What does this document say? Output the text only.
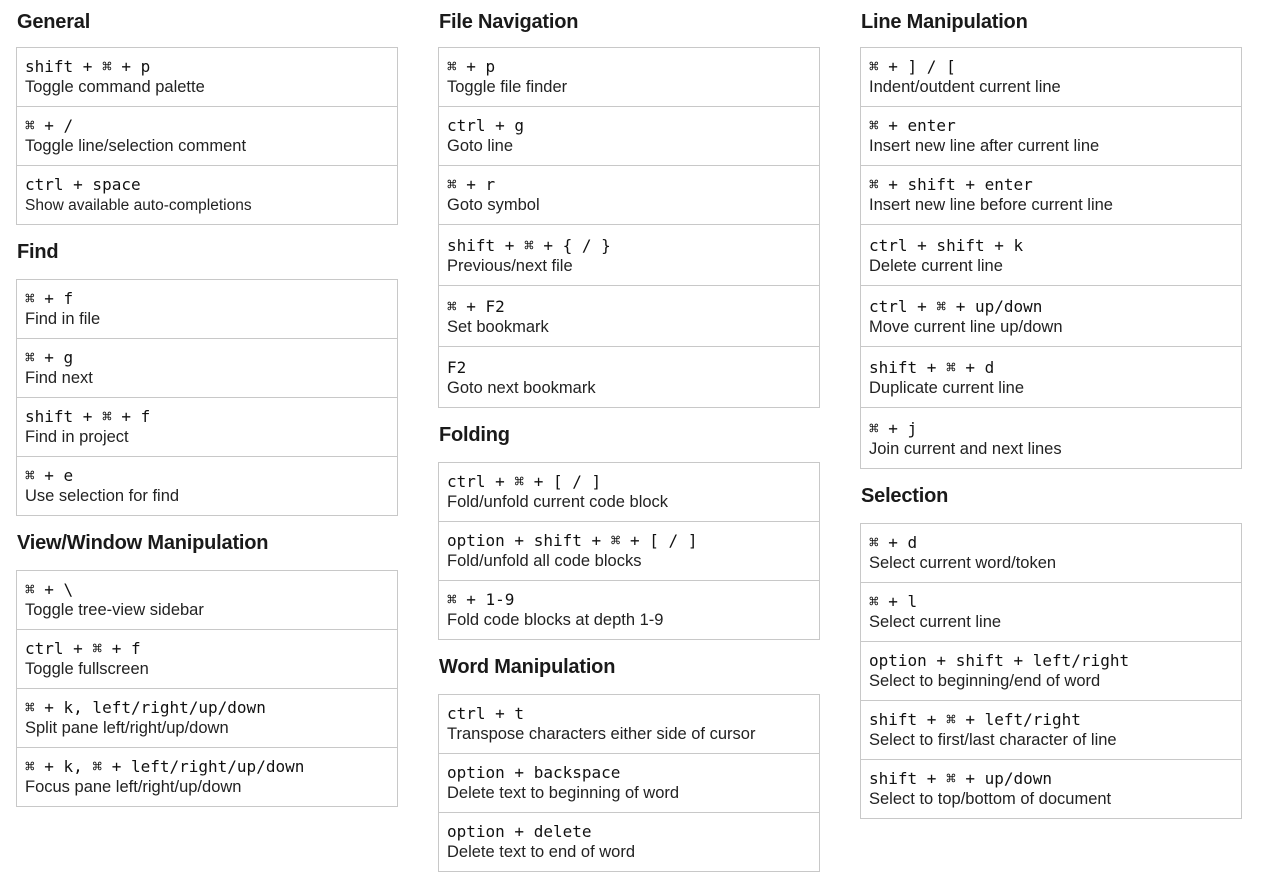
General
shift + ⌘ + p
Toggle command palette
⌘ + /
Toggle line/selection comment
ctrl + space
Show available auto-completions
Find
⌘ + f
Find in file
⌘ + g
Find next
shift + ⌘ + f
Find in project
⌘ + e
Use selection for find
View/Window Manipulation
⌘ + \
Toggle tree-view sidebar
ctrl + ⌘ + f
Toggle fullscreen
⌘ + k, left/right/up/down
Split pane left/right/up/down
⌘ + k, ⌘ + left/right/up/down
Focus pane left/right/up/down
File Navigation
⌘ + p
Toggle file finder
ctrl + g
Goto line
⌘ + r
Goto symbol
shift + ⌘ + { / }
Previous/next file
⌘ + F2
Set bookmark
F2
Goto next bookmark
Folding
ctrl + ⌘ + [ / ]
Fold/unfold current code block
option + shift + ⌘ + [ / ]
Fold/unfold all code blocks
⌘ + 1-9
Fold code blocks at depth 1-9
Word Manipulation
ctrl + t
Transpose characters either side of cursor
option + backspace
Delete text to beginning of word
option + delete
Delete text to end of word
Line Manipulation
⌘ + ] / [
Indent/outdent current line
⌘ + enter
Insert new line after current line
⌘ + shift + enter
Insert new line before current line
ctrl + shift + k
Delete current line
ctrl + ⌘ + up/down
Move current line up/down
shift + ⌘ + d
Duplicate current line
⌘ + j
Join current and next lines
Selection
⌘ + d
Select current word/token
⌘ + l
Select current line
option + shift + left/right
Select to beginning/end of word
shift + ⌘ + left/right
Select to first/last character of line
shift + ⌘ + up/down
Select to top/bottom of document
